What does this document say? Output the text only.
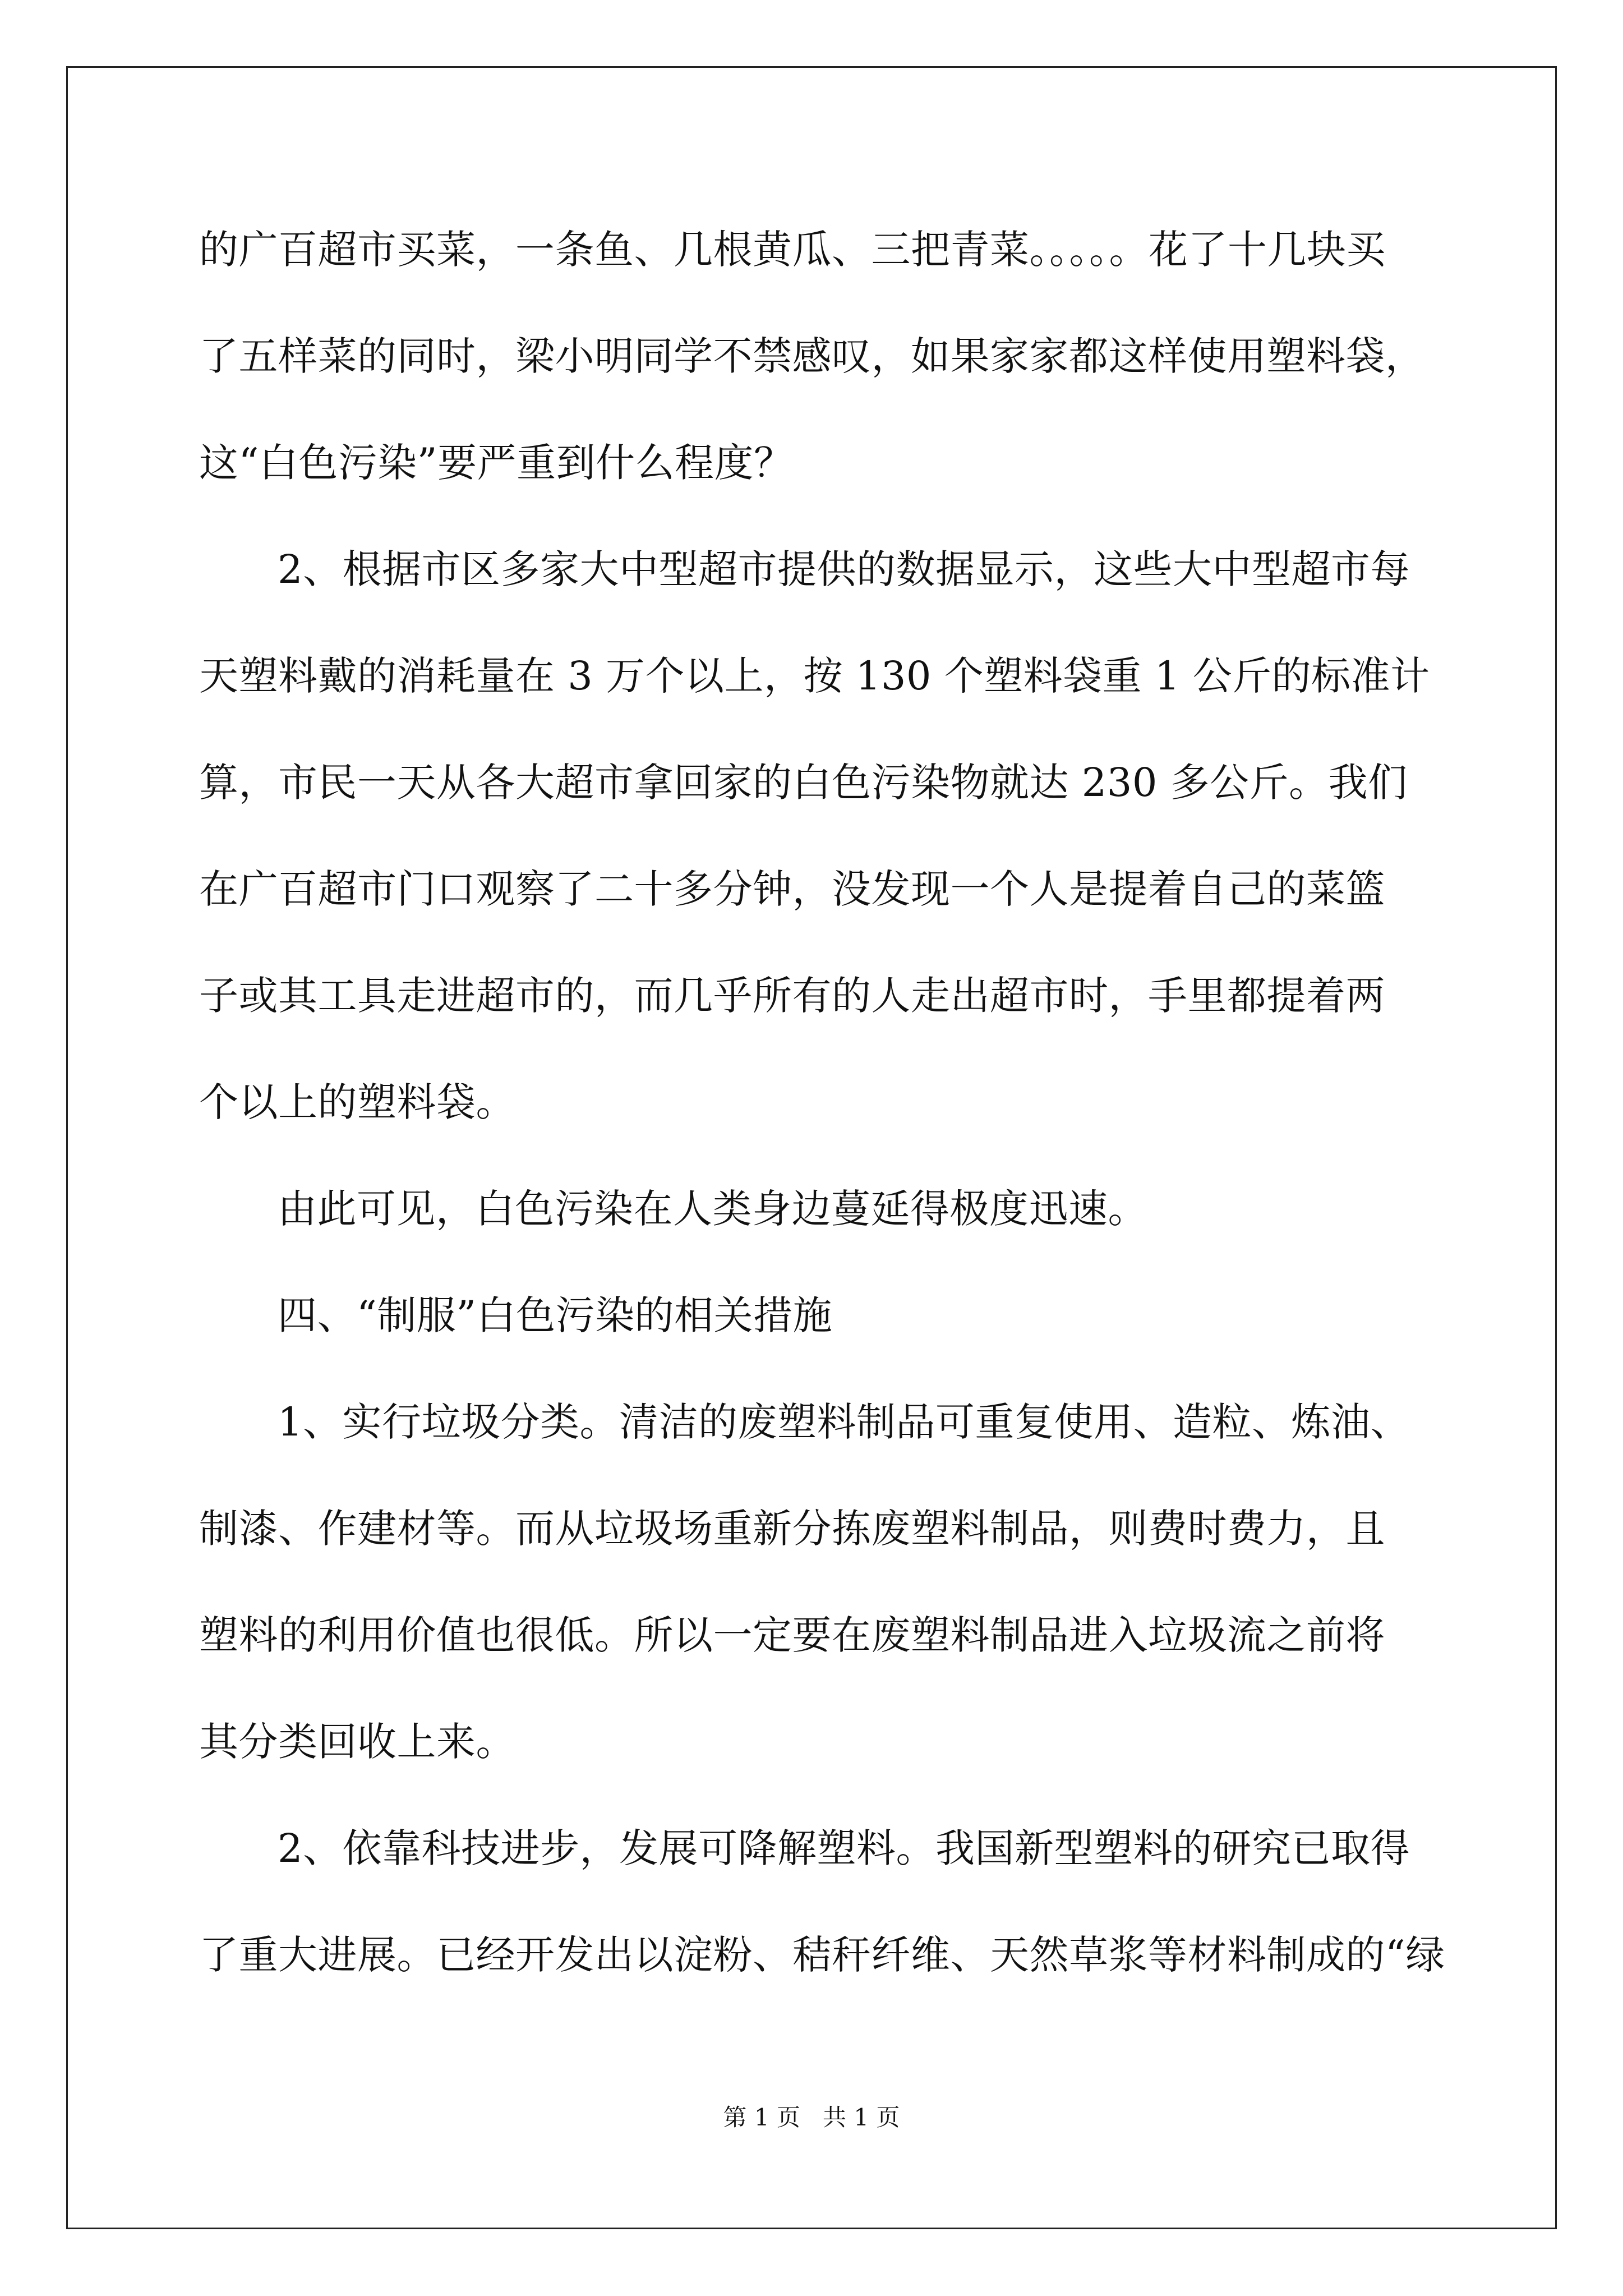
的广百超市买菜，一条鱼、几根黄瓜、三把青菜。。。。。花了十几块买
了五样菜的同时，梁小明同学不禁感叹，如果家家都这样使用塑料袋，
这“白色污染”要严重到什么程度？
2、根据市区多家大中型超市提供的数据显示，这些大中型超市每
天塑料戴的消耗量在 3 万个以上，按 130 个塑料袋重 1 公斤的标准计
算，市民一天从各大超市拿回家的白色污染物就达 230 多公斤。我们
在广百超市门口观察了二十多分钟，没发现一个人是提着自己的菜篮
子或其工具走进超市的，而几乎所有的人走出超市时，手里都提着两
个以上的塑料袋。
由此可见，白色污染在人类身边蔓延得极度迅速。
四、“制服”白色污染的相关措施
1、实行垃圾分类。清洁的废塑料制品可重复使用、造粒、炼油、
制漆、作建材等。而从垃圾场重新分拣废塑料制品，则费时费力，且
塑料的利用价值也很低。所以一定要在废塑料制品进入垃圾流之前将
其分类回收上来。
2、依靠科技进步，发展可降解塑料。我国新型塑料的研究已取得
了重大进展。已经开发出以淀粉、秸秆纤维、天然草浆等材料制成的“绿
第 1 页   共 1 页
